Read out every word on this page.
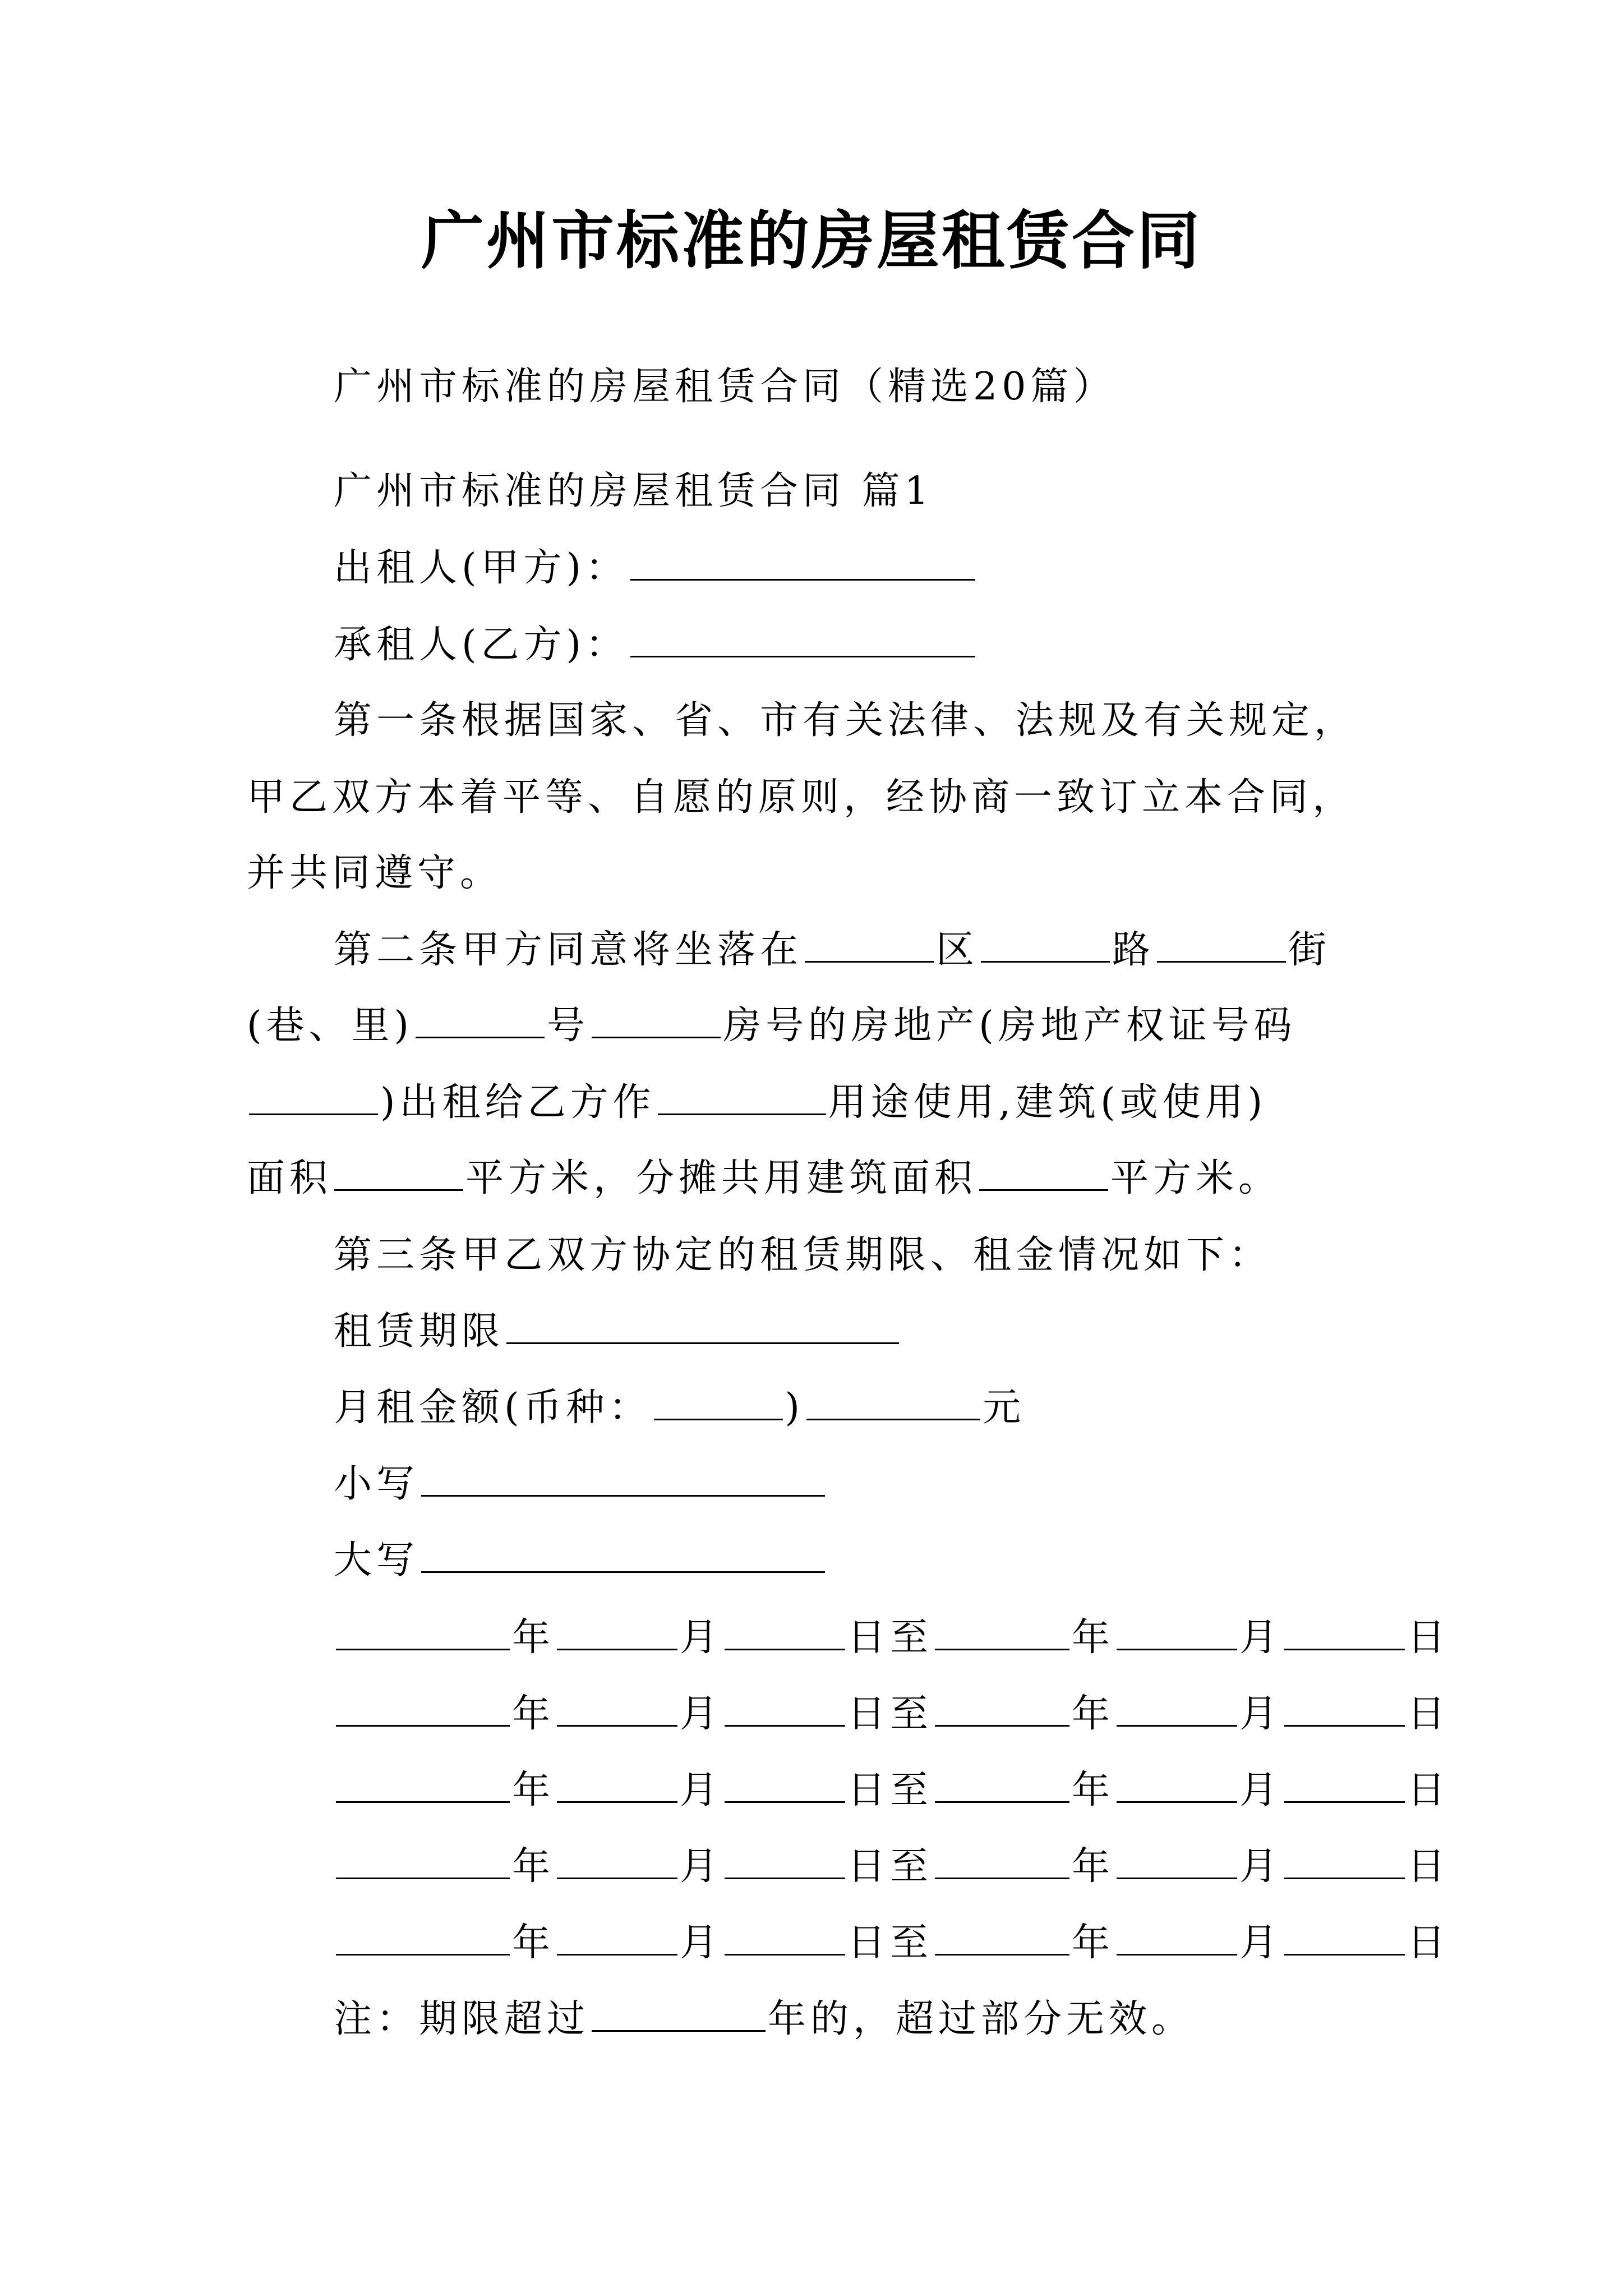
广州市标准的房屋租赁合同
广州市标准的房屋租赁合同（精选20篇）
广州市标准的房屋租赁合同 篇1
出租人(甲方)：
承租人(乙方)：
第一条根据国家、省、市有关法律、法规及有关规定，
甲乙双方本着平等、自愿的原则，经协商一致订立本合同，
并共同遵守。
第二条甲方同意将坐落在	区	路	街
(巷、里)	号	房号的房地产(房地产权证号码
)出租给乙方作	用途使用,建筑(或使用)
面积	平方米，分摊共用建筑面积	平方米。
第三条甲乙双方协定的租赁期限、租金情况如下：
租赁期限
月租金额(币种：	)	元
小写
大写
年	月	日至	年	月	日
年	月	日至	年	月	日
年	月	日至	年	月	日
年	月	日至	年	月	日
年	月	日至	年	月	日
注：期限超过	年的，超过部分无效。
